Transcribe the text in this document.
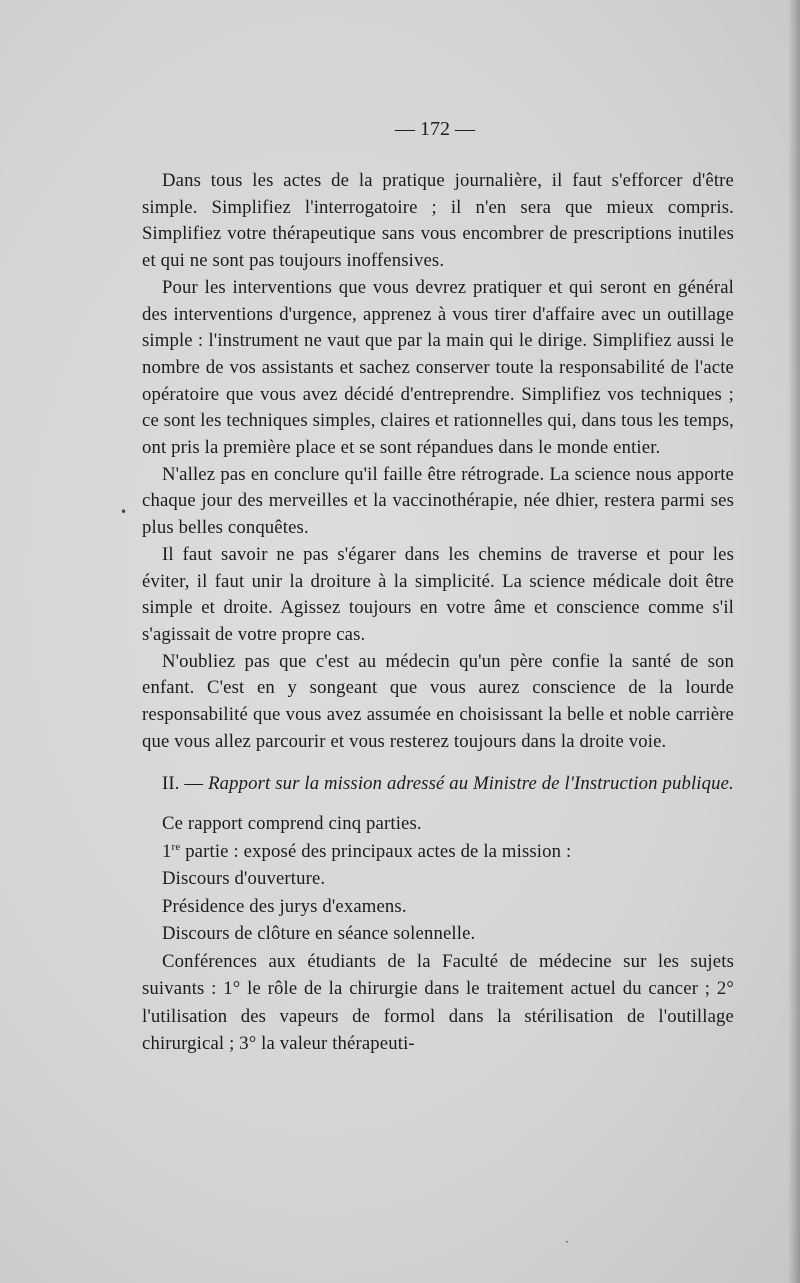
— 172 —

Dans tous les actes de la pratique journalière, il faut s'efforcer d'être simple. Simplifiez l'interrogatoire ; il n'en sera que mieux compris. Simplifiez votre thérapeutique sans vous encombrer de prescriptions inutiles et qui ne sont pas toujours inoffensives.

Pour les interventions que vous devrez pratiquer et qui seront en général des interventions d'urgence, apprenez à vous tirer d'affaire avec un outillage simple : l'instrument ne vaut que par la main qui le dirige. Simplifiez aussi le nombre de vos assistants et sachez conserver toute la responsabilité de l'acte opératoire que vous avez décidé d'entreprendre. Simplifiez vos techniques ; ce sont les techniques simples, claires et rationnelles qui, dans tous les temps, ont pris la première place et se sont répandues dans le monde entier.

N'allez pas en conclure qu'il faille être rétrograde. La science nous apporte chaque jour des merveilles et la vaccinothérapie, née dhier, restera parmi ses plus belles conquêtes.

Il faut savoir ne pas s'égarer dans les chemins de traverse et pour les éviter, il faut unir la droiture à la simplicité. La science médicale doit être simple et droite. Agissez toujours en votre âme et conscience comme s'il s'agissait de votre propre cas.

N'oubliez pas que c'est au médecin qu'un père confie la santé de son enfant. C'est en y songeant que vous aurez conscience de la lourde responsabilité que vous avez assumée en choisissant la belle et noble carrière que vous allez parcourir et vous resterez toujours dans la droite voie.

II. — Rapport sur la mission adressé au Ministre de l'Instruction publique.

Ce rapport comprend cinq parties.

1re partie : exposé des principaux actes de la mission :

Discours d'ouverture.

Présidence des jurys d'examens.

Discours de clôture en séance solennelle.

Conférences aux étudiants de la Faculté de médecine sur les sujets suivants : 1° le rôle de la chirurgie dans le traitement actuel du cancer ; 2° l'utilisation des vapeurs de formol dans la stérilisation de l'outillage chirurgical ; 3° la valeur thérapeuti-

•
·
